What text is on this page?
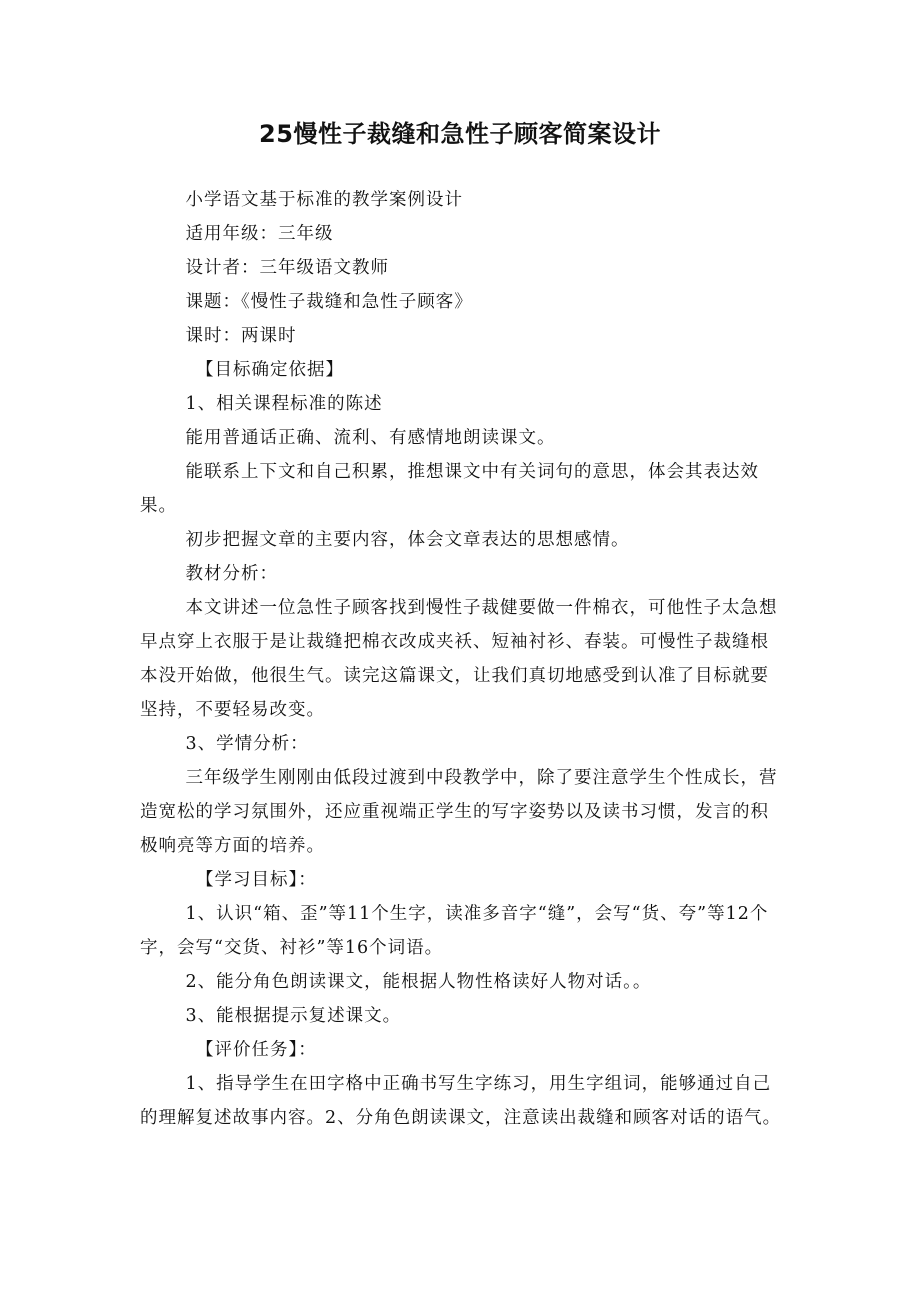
25慢性子裁缝和急性子顾客简案设计

小学语文基于标准的教学案例设计

适用年级：三年级

设计者：三年级语文教师

课题：《慢性子裁缝和急性子顾客》

课时：两课时

【目标确定依据】

1、相关课程标准的陈述

能用普通话正确、流利、有感情地朗读课文。

能联系上下文和自己积累，推想课文中有关词句的意思，体会其表达效果。

初步把握文章的主要内容，体会文章表达的思想感情。

教材分析：

本文讲述一位急性子顾客找到慢性子裁健要做一件棉衣，可他性子太急想早点穿上衣服于是让裁缝把棉衣改成夹袄、短袖衬衫、春装。可慢性子裁缝根本没开始做，他很生气。读完这篇课文，让我们真切地感受到认准了目标就要坚持，不要轻易改变。

3、学情分析：

三年级学生刚刚由低段过渡到中段教学中，除了要注意学生个性成长，营造宽松的学习氛围外，还应重视端正学生的写字姿势以及读书习惯，发言的积极响亮等方面的培养。

【学习目标】：

1、认识“箱、歪”等11个生字，读准多音字“缝”，会写“货、夸”等12个字，会写“交货、衬衫”等16个词语。

2、能分角色朗读课文，能根据人物性格读好人物对话。。

3、能根据提示复述课文。

【评价任务】：

1、指导学生在田字格中正确书写生字练习，用生字组词，能够通过自己的理解复述故事内容。2、分角色朗读课文，注意读出裁缝和顾客对话的语气。
